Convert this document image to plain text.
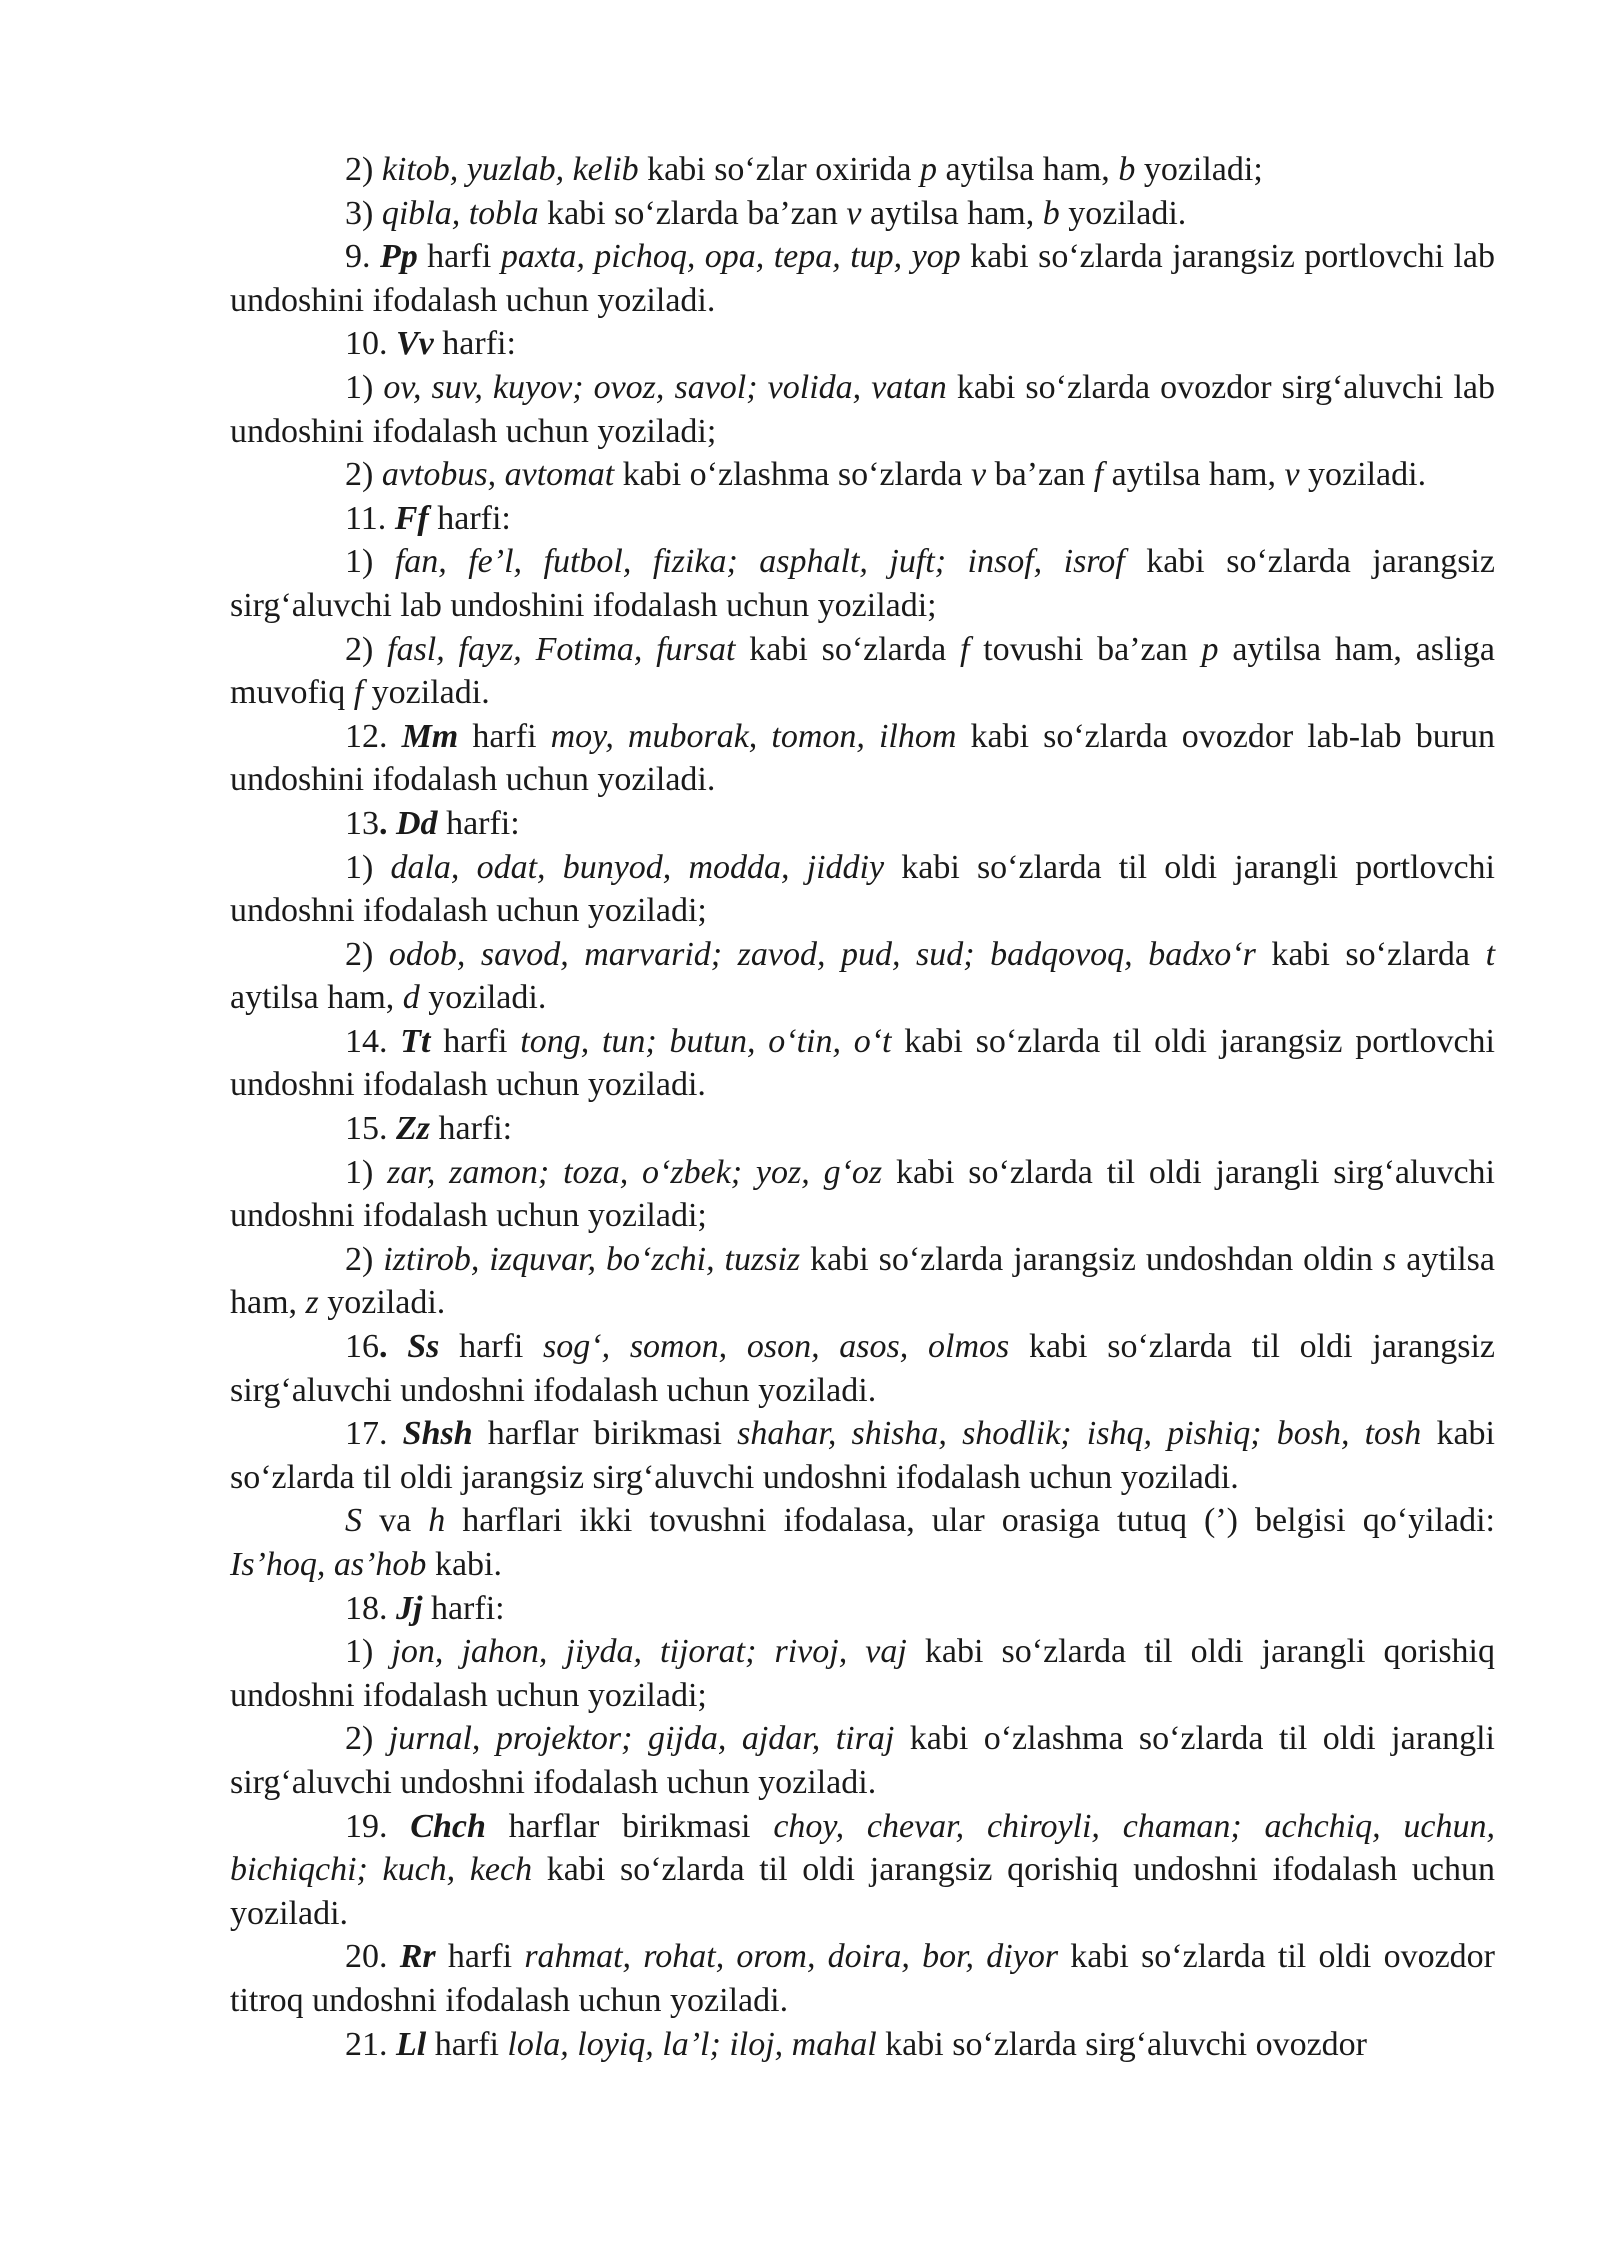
2) kitob, yuzlab, kelib kabi so‘zlar oxirida p aytilsa ham, b yoziladi;

3) qibla, tobla kabi so‘zlarda ba’zan v aytilsa ham, b yoziladi.

9. Pp harfi paxta, pichoq, opa, tepa, tup, yop kabi so‘zlarda jarangsiz portlovchi lab undoshini ifodalash uchun yoziladi.

10. Vv harfi:

1) ov, suv, kuyov; ovoz, savol; volida, vatan kabi so‘zlarda ovozdor sirg‘aluvchi lab undoshini ifodalash uchun yoziladi;

2) avtobus, avtomat kabi o‘zlashma so‘zlarda v ba’zan f aytilsa ham, v yoziladi.

11. Ff harfi:

1) fan, fe’l, futbol, fizika; asphalt, juft; insof, isrof kabi so‘zlarda jarangsiz sirg‘aluvchi lab undoshini ifodalash uchun yoziladi;

2) fasl, fayz, Fotima, fursat kabi so‘zlarda f tovushi ba’zan p aytilsa ham, asliga muvofiq f yoziladi.

12. Mm harfi moy, muborak, tomon, ilhom kabi so‘zlarda ovozdor lab-lab burun undoshini ifodalash uchun yoziladi.

13. Dd harfi:

1) dala, odat, bunyod, modda, jiddiy kabi so‘zlarda til oldi jarangli portlovchi undoshni ifodalash uchun yoziladi;

2) odob, savod, marvarid; zavod, pud, sud; badqovoq, badxo‘r kabi so‘zlarda t aytilsa ham, d yoziladi.

14. Tt harfi tong, tun; butun, o‘tin, o‘t kabi so‘zlarda til oldi jarangsiz portlovchi undoshni ifodalash uchun yoziladi.

15. Zz harfi:

1) zar, zamon; toza, o‘zbek; yoz, g‘oz kabi so‘zlarda til oldi jarangli sirg‘aluvchi undoshni ifodalash uchun yoziladi;

2) iztirob, izquvar, bo‘zchi, tuzsiz kabi so‘zlarda jarangsiz undoshdan oldin s aytilsa ham, z yoziladi.

16. Ss harfi sog‘, somon, oson, asos, olmos kabi so‘zlarda til oldi jarangsiz sirg‘aluvchi undoshni ifodalash uchun yoziladi.

17. Shsh harflar birikmasi shahar, shisha, shodlik; ishq, pishiq; bosh, tosh kabi so‘zlarda til oldi jarangsiz sirg‘aluvchi undoshni ifodalash uchun yoziladi.

S va h harflari ikki tovushni ifodalasa, ular orasiga tutuq (’) belgisi qo‘yiladi: Is’hoq, as’hob kabi.

18. Jj harfi:

1) jon, jahon, jiyda, tijorat; rivoj, vaj kabi so‘zlarda til oldi jarangli qorishiq undoshni ifodalash uchun yoziladi;

2) jurnal, projektor; gijda, ajdar, tiraj kabi o‘zlashma so‘zlarda til oldi jarangli sirg‘aluvchi undoshni ifodalash uchun yoziladi.

19. Chch harflar birikmasi choy, chevar, chiroyli, chaman; achchiq, uchun, bichiqchi; kuch, kech kabi so‘zlarda til oldi jarangsiz qorishiq undoshni ifodalash uchun yoziladi.

20. Rr harfi rahmat, rohat, orom, doira, bor, diyor kabi so‘zlarda til oldi ovozdor titroq undoshni ifodalash uchun yoziladi.

21. Ll harfi lola, loyiq, la’l; iloj, mahal kabi so‘zlarda sirg‘aluvchi ovozdor
